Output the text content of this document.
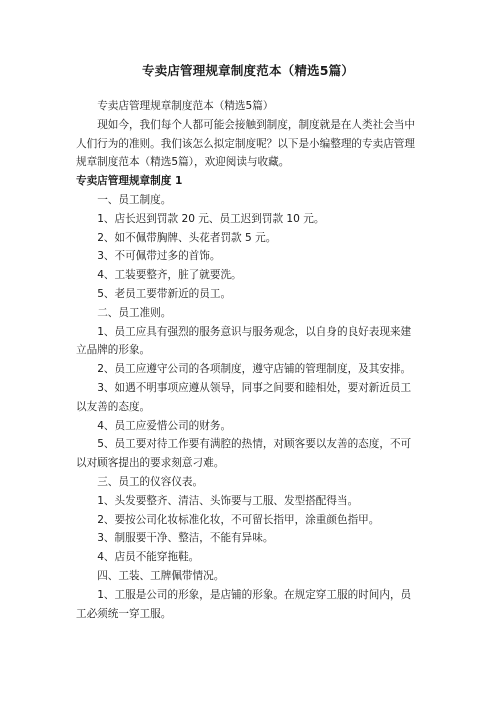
专卖店管理规章制度范本（精选5篇）

专卖店管理规章制度范本（精选5篇）

现如今，我们每个人都可能会接触到制度，制度就是在人类社会当中人们行为的准则。我们该怎么拟定制度呢？以下是小编整理的专卖店管理规章制度范本（精选5篇），欢迎阅读与收藏。

专卖店管理规章制度 1

一、员工制度。

1、店长迟到罚款 20 元、员工迟到罚款 10 元。

2、如不佩带胸牌、头花者罚款 5 元。

3、不可佩带过多的首饰。

4、工装要整齐，脏了就要洗。

5、老员工要带新近的员工。

二、员工准则。

1、员工应具有强烈的服务意识与服务观念，以自身的良好表现来建立品牌的形象。

2、员工应遵守公司的各项制度，遵守店铺的管理制度，及其安排。

3、如遇不明事项应遵从领导，同事之间要和睦相处，要对新近员工以友善的态度。

4、员工应爱惜公司的财务。

5、员工要对待工作要有满腔的热情，对顾客要以友善的态度，不可以对顾客提出的要求刻意刁难。

三、员工的仪容仪表。

1、头发要整齐、清洁、头饰要与工服、发型搭配得当。

2、要按公司化妆标准化妆，不可留长指甲，涂重颜色指甲。

3、制服要干净、整洁，不能有异味。

4、店员不能穿拖鞋。

四、工装、工牌佩带情况。

1、工服是公司的形象，是店铺的形象。在规定穿工服的时间内，员工必须统一穿工服。
